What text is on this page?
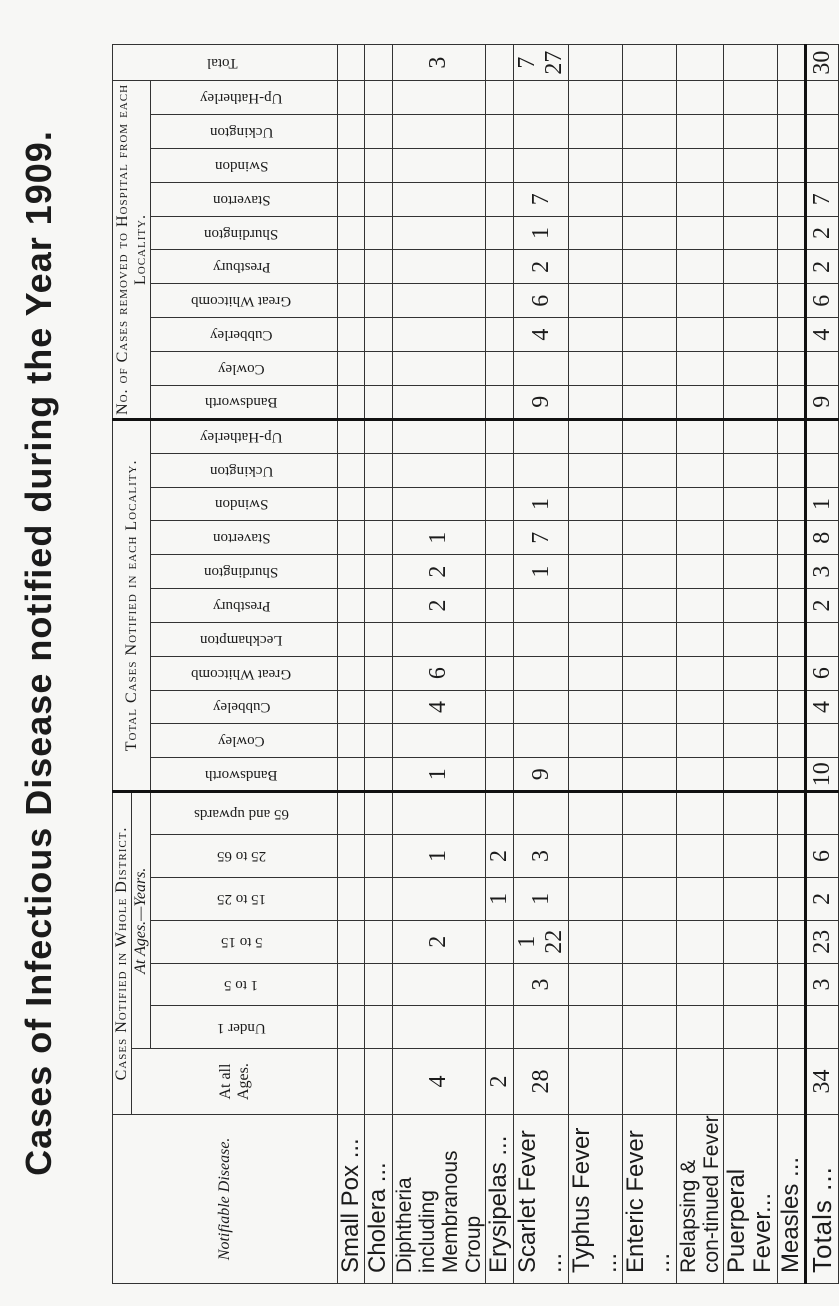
Cases of Infectious Disease notified during the Year 1909.
Notifiable Disease.	Cases Notified in Whole District.							Total Cases Notified in each Locality.											No. of Cases removed to Hospital from each Locality.										Total
	At all Ages.	At Ages.—Years.																											
		Under 1	1 to 5	5 to 15	15 to 25	25 to 65	65 and upwards	Bandsworth	Cowley	Cubbeley	Great Whitcomb	Leckhampton	Prestbury	Shurdington	Staverton	Swindon	Uckington	Up-Hatherley	Bandsworth	Cowley	Cubberley	Great Whitcomb	Prestbury	Shurdington	Staverton	Swindon	Uckington	Up-Hatherley	
Small Pox ...																													
Cholera ...																													
Diphtheria including Membranous Croup	4			2		1		1		4	6		2	2	1														3
Erysipelas ...	2				1	2																							
Scarlet Fever ...	28		3	1 22	1	3		9						1	7	1			9		4	6	2	1	7				7 27
Typhus Fever ...																													
Enteric Fever ...																													
Relapsing & con-tinued Fever																													
Puerperal Fever...																													
Measles ...																													
Totals ...	34		3	23	2	6		10		4	6		2	3	8	1			9		4	6	2	2	7				30
